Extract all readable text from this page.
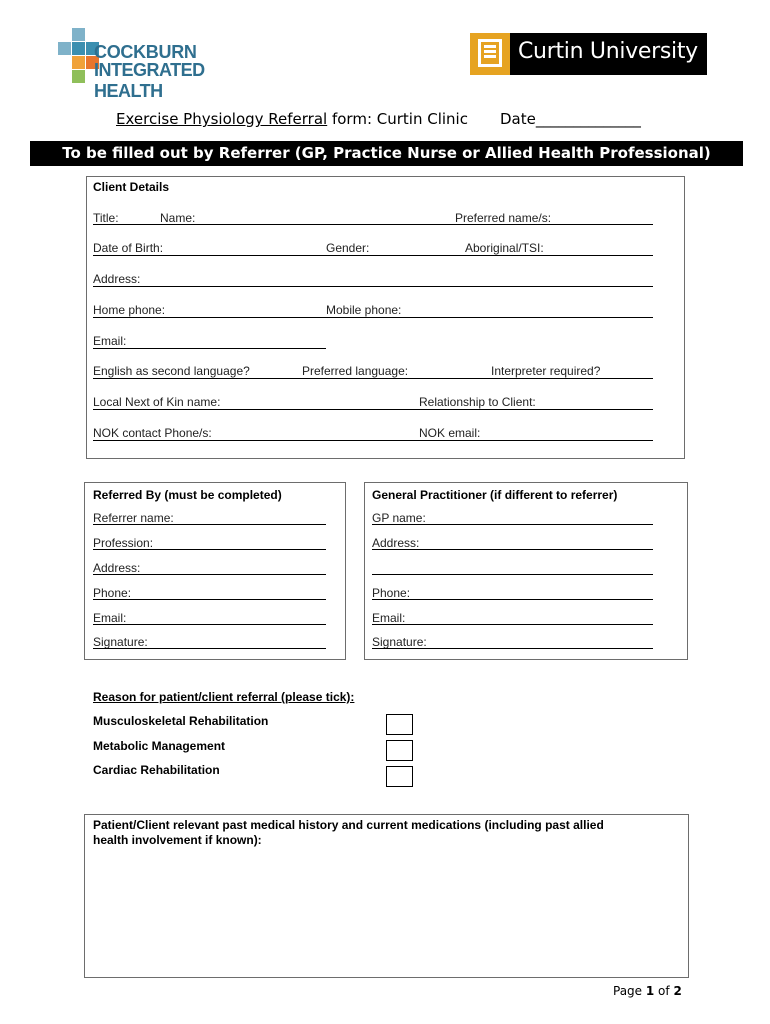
COCKBURN
INTEGRATED HEALTH
Curtin University
Exercise Physiology Referral form: Curtin Clinic Date______________
To be filled out by Referrer (GP, Practice Nurse or Allied Health Professional)
Client Details
Title:	Name:	Preferred name/s:
Date of Birth:	Gender:	Aboriginal/TSI:
Address:
Home phone:	Mobile phone:
Email:
English as second language?	Preferred language:	Interpreter required?
Local Next of Kin name:	Relationship to Client:
NOK contact Phone/s:	NOK email:
Referred By (must be completed)
Referrer name:
Profession:
Address:
Phone:
Email:
Signature:
General Practitioner (if different to referrer)
GP name:
Address:
Phone:
Email:
Signature:
Reason for patient/client referral (please tick):
Musculoskeletal Rehabilitation
Metabolic Management
Cardiac Rehabilitation
Patient/Client relevant past medical history and current medications (including past allied
health involvement if known):
Page 1 of 2
